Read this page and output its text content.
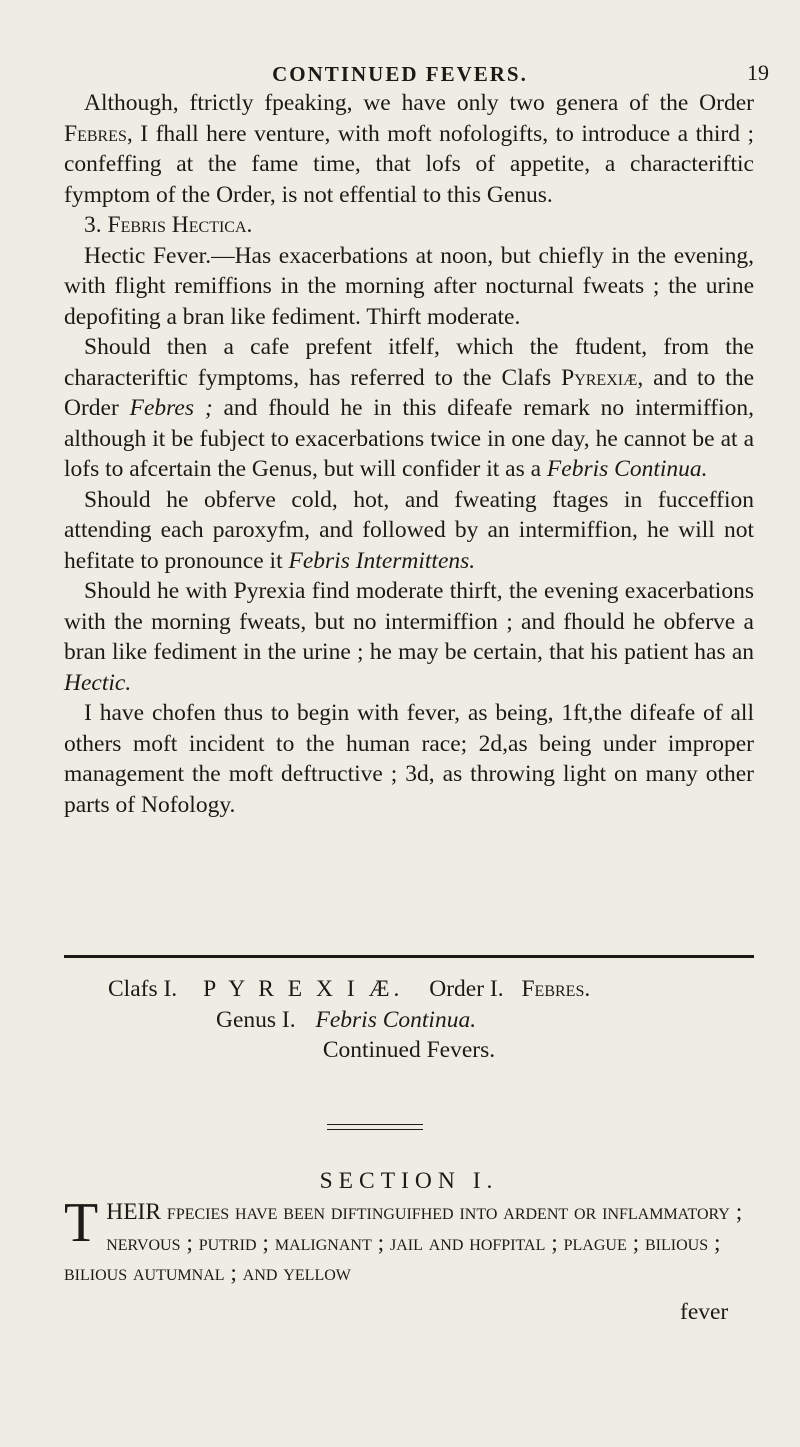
CONTINUED FEVERS.	19

Although, ftrictly fpeaking, we have only two genera of the Order Febres, I fhall here venture, with moft nofologifts, to introduce a third ; confeffing at the fame time, that lofs of appetite, a characteriftic fymptom of the Order, is not effential to this Genus.

3. Febris Hectica.

Hectic Fever.—Has exacerbations at noon, but chiefly in the evening, with flight remiffions in the morning after nocturnal fweats ; the urine depofiting a bran like fediment. Thirft moderate.

Should then a cafe prefent itfelf, which the ftudent, from the characteriftic fymptoms, has referred to the Clafs Pyrexiæ, and to the Order Febres ; and fhould he in this difeafe remark no intermiffion, although it be fubject to exacerbations twice in one day, he cannot be at a lofs to afcertain the Genus, but will confider it as a Febris Continua.

Should he obferve cold, hot, and fweating ftages in fucceffion attending each paroxyfm, and followed by an intermiffion, he will not hefitate to pronounce it Febris Intermittens.

Should he with Pyrexia find moderate thirft, the evening exacerbations with the morning fweats, but no intermiffion ; and fhould he obferve a bran like fediment in the urine ; he may be certain, that his patient has an Hectic.

I have chofen thus to begin with fever, as being, 1ft,the difeafe of all others moft incident to the human race; 2d,as being under improper management the moft deftructive ; 3d, as throwing light on many other parts of Nofology.

Clafs I. P Y R E X I Æ. Order I. Febres.
Genus I. Febris Continua.
Continued Fevers.
SECTION I.
THEIR fpecies have been diftinguifhed into ardent or inflammatory ; nervous ; putrid ; malignant ; jail and hofpital ; plague ; bilious ; bilious autumnal ; and yellow
fever
